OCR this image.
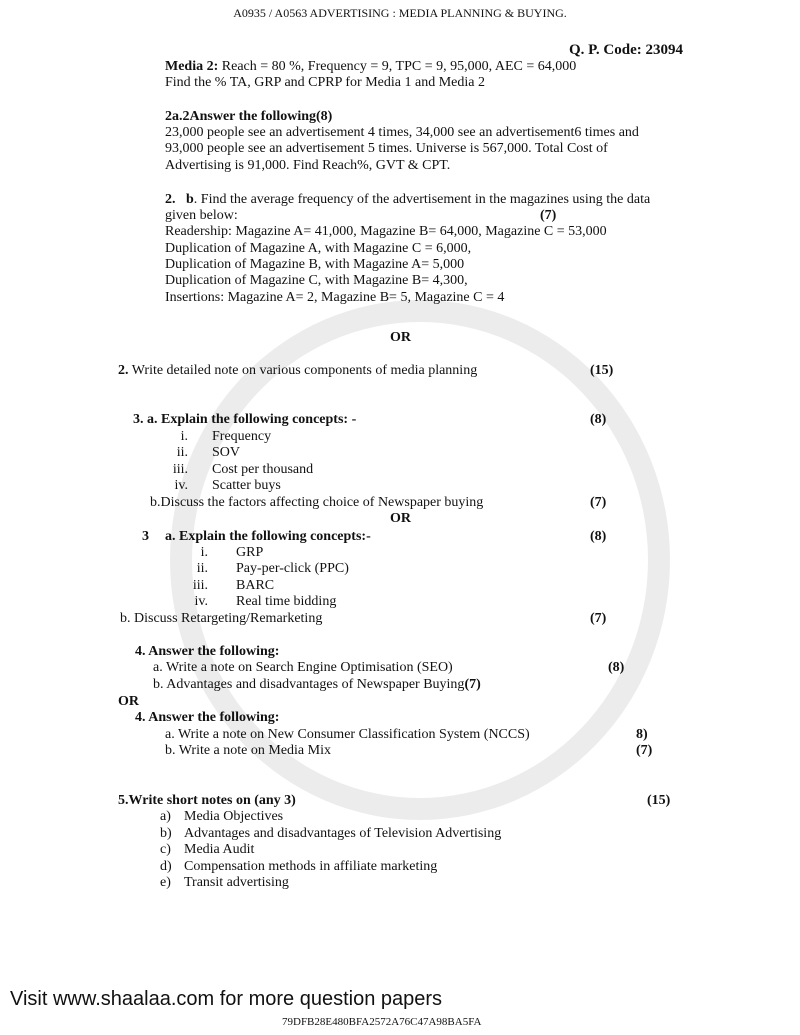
A0935 / A0563 ADVERTISING : MEDIA PLANNING & BUYING.
Q. P. Code: 23094
Media 2: Reach = 80 %, Frequency = 9, TPC = 9, 95,000, AEC = 64,000
Find the % TA, GRP and CPRP for Media 1 and Media 2
2a.2Answer the following(8)
23,000 people see an advertisement 4 times, 34,000 see an advertisement6 times and
93,000 people see an advertisement 5 times. Universe is 567,000. Total Cost of
Advertising is 91,000. Find Reach%, GVT & CPT.
2. b. Find the average frequency of the advertisement in the magazines using the data
given below:	(7)
Readership: Magazine A= 41,000, Magazine B= 64,000, Magazine C = 53,000
Duplication of Magazine A, with Magazine C = 6,000,
Duplication of Magazine B, with Magazine A= 5,000
Duplication of Magazine C, with Magazine B= 4,300,
Insertions: Magazine A= 2, Magazine B= 5, Magazine C = 4
OR
2. Write detailed note on various components of media planning	(15)
3. a. Explain the following concepts: -	(8)
i. Frequency
ii. SOV
iii. Cost per thousand
iv. Scatter buys
b.Discuss the factors affecting choice of Newspaper buying	(7)
OR
3 a. Explain the following concepts:-	(8)
i. GRP
ii. Pay-per-click (PPC)
iii. BARC
iv. Real time bidding
b. Discuss Retargeting/Remarketing	(7)
4. Answer the following:
a. Write a note on Search Engine Optimisation (SEO)	(8)
b. Advantages and disadvantages of Newspaper Buying(7)
OR
4. Answer the following:
a. Write a note on New Consumer Classification System (NCCS)	8)
b. Write a note on Media Mix	(7)
5.Write short notes on (any 3)	(15)
a) Media Objectives
b) Advantages and disadvantages of Television Advertising
c) Media Audit
d) Compensation methods in affiliate marketing
e) Transit advertising
Visit www.shaalaa.com for more question papers
79DFB28E480BFA2572A76C47A98BA5FA
